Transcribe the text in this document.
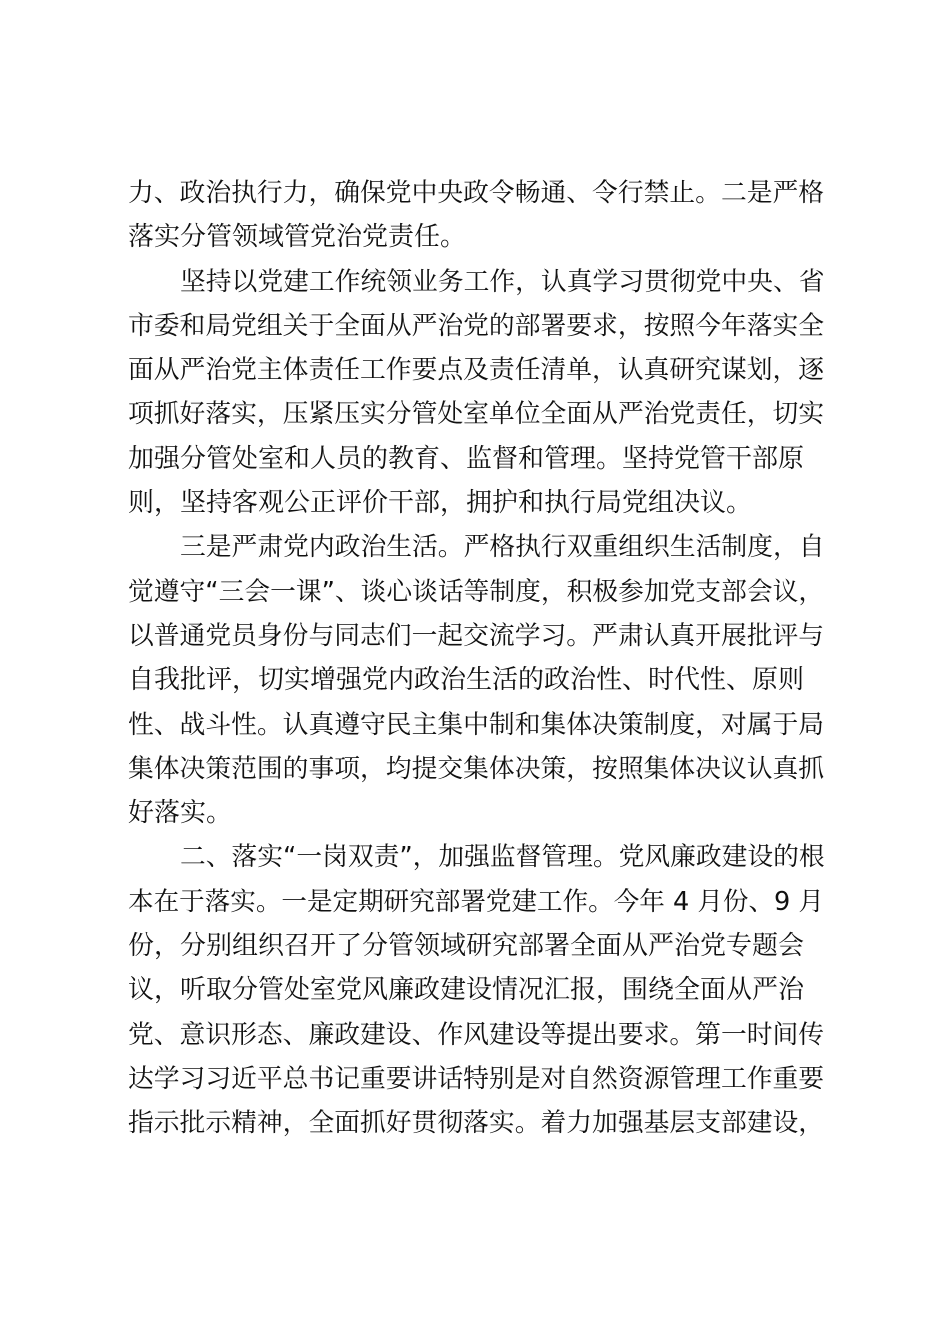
力、政治执行力，确保党中央政令畅通、令行禁止。二是严格
落实分管领域管党治党责任。
坚持以党建工作统领业务工作，认真学习贯彻党中央、省
市委和局党组关于全面从严治党的部署要求，按照今年落实全
面从严治党主体责任工作要点及责任清单，认真研究谋划，逐
项抓好落实，压紧压实分管处室单位全面从严治党责任，切实
加强分管处室和人员的教育、监督和管理。坚持党管干部原
则，坚持客观公正评价干部，拥护和执行局党组决议。
三是严肃党内政治生活。严格执行双重组织生活制度，自
觉遵守“三会一课”、谈心谈话等制度，积极参加党支部会议，
以普通党员身份与同志们一起交流学习。严肃认真开展批评与
自我批评，切实增强党内政治生活的政治性、时代性、原则
性、战斗性。认真遵守民主集中制和集体决策制度，对属于局
集体决策范围的事项，均提交集体决策，按照集体决议认真抓
好落实。
二、落实“一岗双责”，加强监督管理。党风廉政建设的根
本在于落实。一是定期研究部署党建工作。今年 4 月份、9 月
份，分别组织召开了分管领域研究部署全面从严治党专题会
议，听取分管处室党风廉政建设情况汇报，围绕全面从严治
党、意识形态、廉政建设、作风建设等提出要求。第一时间传
达学习习近平总书记重要讲话特别是对自然资源管理工作重要
指示批示精神，全面抓好贯彻落实。着力加强基层支部建设，
